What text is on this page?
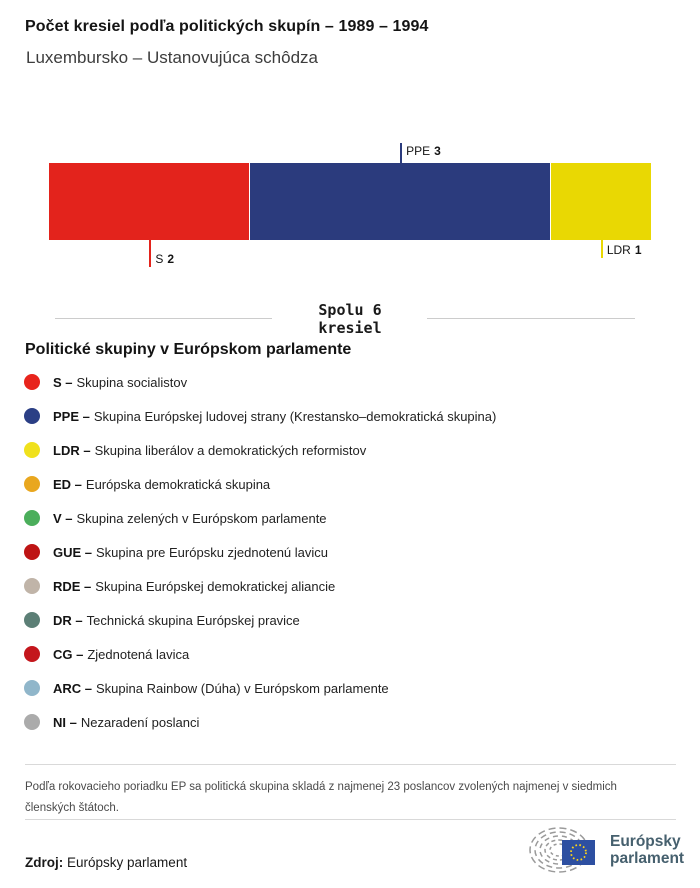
Počet kresiel podľa politických skupín – 1989 – 1994
Luxembursko – Ustanovujúca schôdza
PPE 3
S 2
LDR 1
Spolu 6
kresiel
Politické skupiny v Európskom parlamente
S – Skupina socialistov
PPE – Skupina Európskej ludovej strany (Krestansko–demokratická skupina)
LDR – Skupina liberálov a demokratických reformistov
ED – Európska demokratická skupina
V – Skupina zelených v Európskom parlamente
GUE – Skupina pre Európsku zjednotenú lavicu
RDE – Skupina Európskej demokratickej aliancie
DR – Technická skupina Európskej pravice
CG – Zjednotená lavica
ARC – Skupina Rainbow (Dúha) v Európskom parlamente
NI – Nezaradení poslanci
Podľa rokovacieho poriadku EP sa politická skupina skladá z najmenej 23 poslancov zvolených najmenej v siedmich členských štátoch.
Zdroj: Európsky parlament
Európsky
parlament
